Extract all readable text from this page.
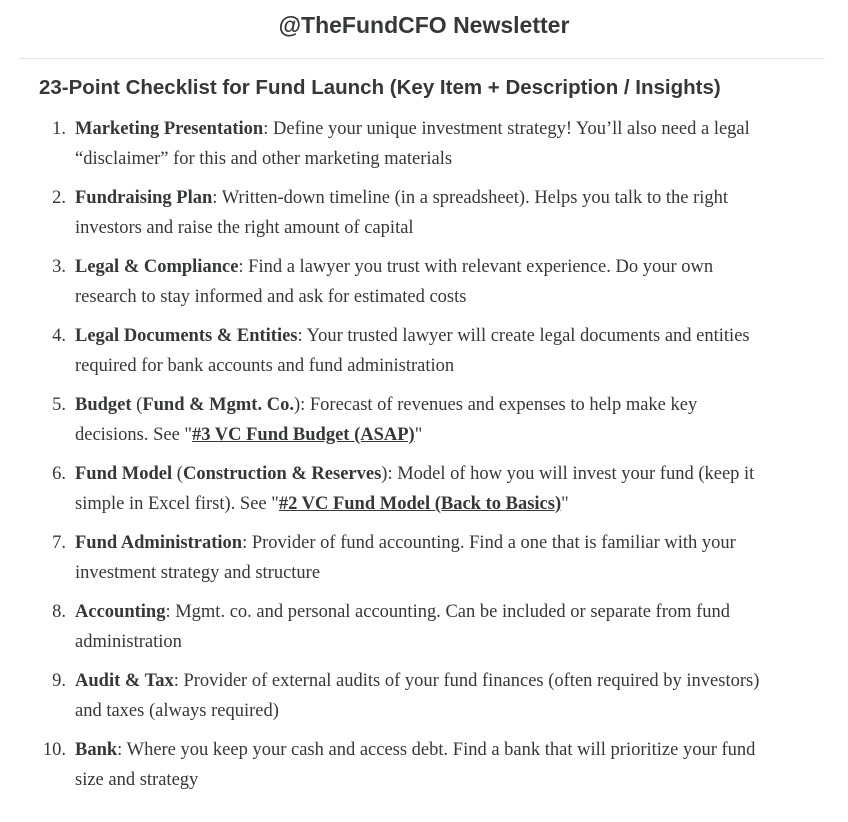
@TheFundCFO Newsletter
23-Point Checklist for Fund Launch (Key Item + Description / Insights)
1. Marketing Presentation: Define your unique investment strategy! You’ll also need a legal “disclaimer” for this and other marketing materials
2. Fundraising Plan: Written-down timeline (in a spreadsheet). Helps you talk to the right investors and raise the right amount of capital
3. Legal & Compliance: Find a lawyer you trust with relevant experience. Do your own research to stay informed and ask for estimated costs
4. Legal Documents & Entities: Your trusted lawyer will create legal documents and entities required for bank accounts and fund administration
5. Budget (Fund & Mgmt. Co.): Forecast of revenues and expenses to help make key decisions. See "#3 VC Fund Budget (ASAP)"
6. Fund Model (Construction & Reserves): Model of how you will invest your fund (keep it simple in Excel first). See "#2 VC Fund Model (Back to Basics)"
7. Fund Administration: Provider of fund accounting. Find a one that is familiar with your investment strategy and structure
8. Accounting: Mgmt. co. and personal accounting. Can be included or separate from fund administration
9. Audit & Tax: Provider of external audits of your fund finances (often required by investors) and taxes (always required)
10. Bank: Where you keep your cash and access debt. Find a bank that will prioritize your fund size and strategy
